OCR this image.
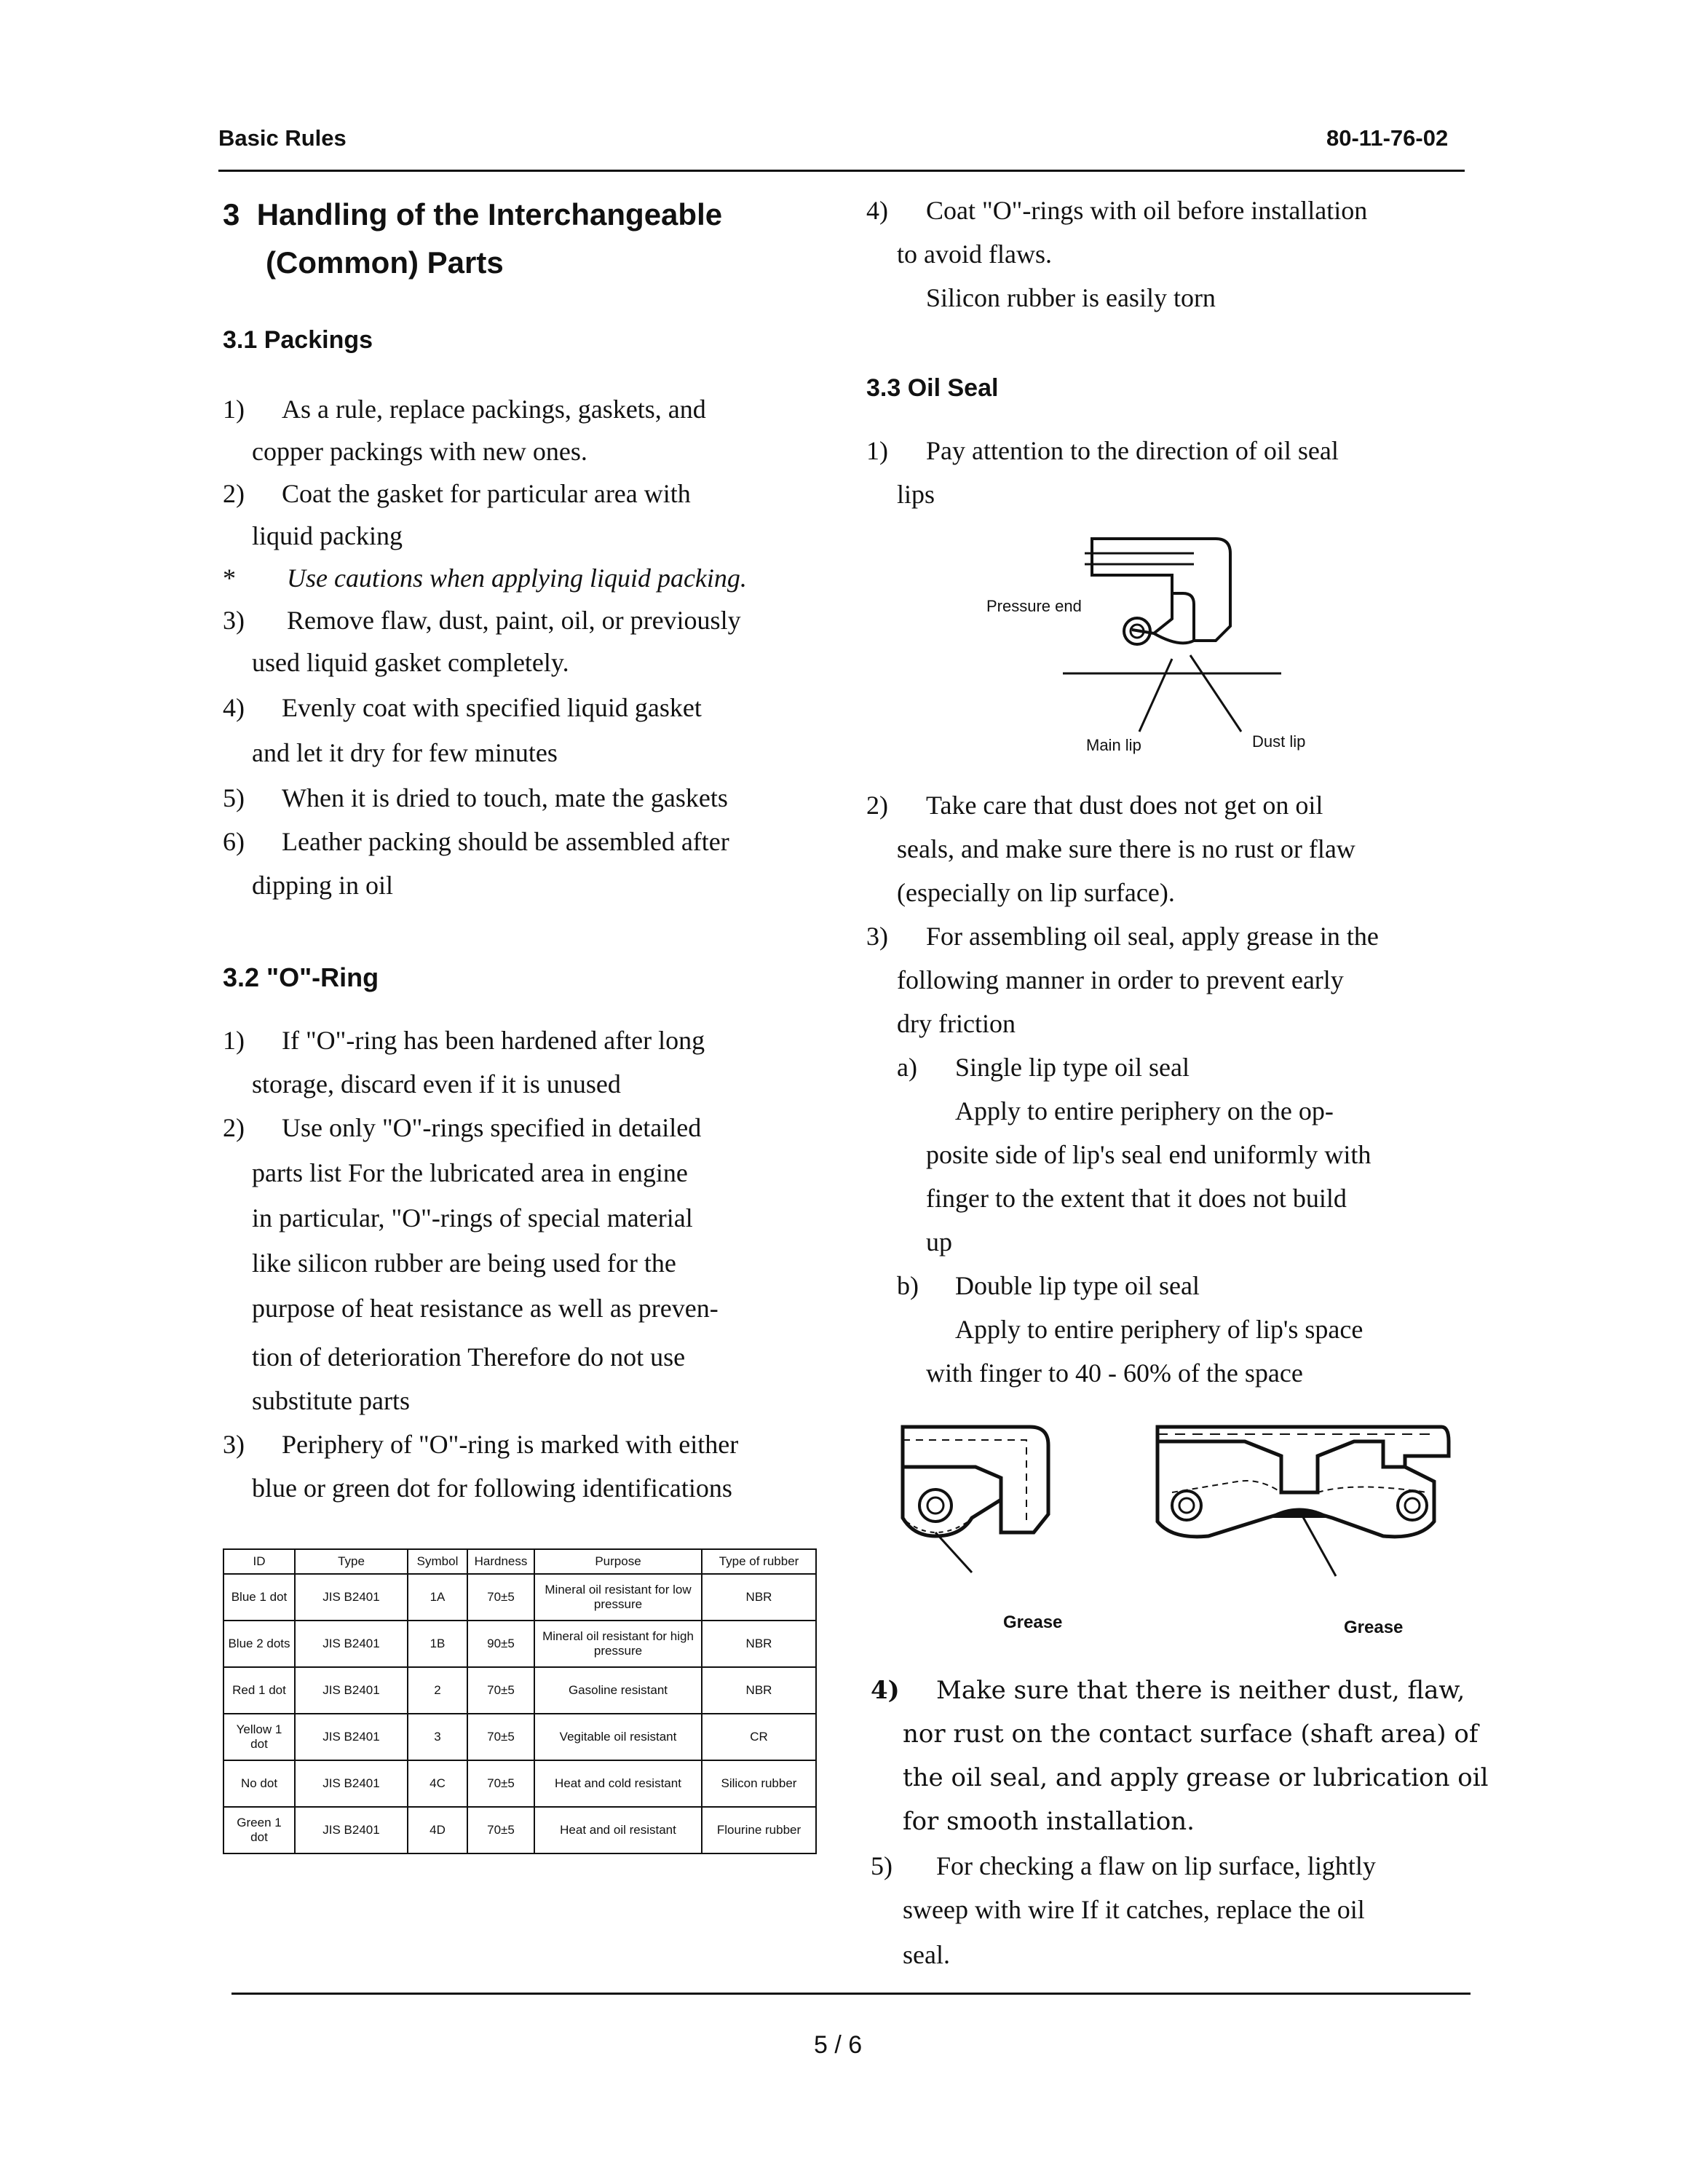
Basic Rules	80-11-76-02
3 Handling of the Interchangeable
(Common) Parts
3.1 Packings
1) As a rule, replace packings, gaskets, and
copper packings with new ones.
2) Coat the gasket for particular area with
liquid packing
* Use cautions when applying liquid packing.
3) Remove flaw, dust, paint, oil, or previously
used liquid gasket completely.
4) Evenly coat with specified liquid gasket
and let it dry for few minutes
5) When it is dried to touch, mate the gaskets
6) Leather packing should be assembled after
dipping in oil
3.2 "O"-Ring
1) If "O"-ring has been hardened after long
storage, discard even if it is unused
2) Use only "O"-rings specified in detailed
parts list For the lubricated area in engine
in particular, "O"-rings of special material
like silicon rubber are being used for the
purpose of heat resistance as well as preven-
tion of deterioration Therefore do not use
substitute parts
3) Periphery of "O"-ring is marked with either
blue or green dot for following identifications
ID	Type	Symbol	Hardness	Purpose	Type of rubber
Blue 1 dot	JIS B2401	1A	70±5	Mineral oil resistant for low pressure	NBR
Blue 2 dots	JIS B2401	1B	90±5	Mineral oil resistant for high pressure	NBR
Red 1 dot	JIS B2401	2	70±5	Gasoline resistant	NBR
Yellow 1 dot	JIS B2401	3	70±5	Vegitable oil resistant	CR
No dot	JIS B2401	4C	70±5	Heat and cold resistant	Silicon rubber
Green 1 dot	JIS B2401	4D	70±5	Heat and oil resistant	Flourine rubber
4) Coat "O"-rings with oil before installation
to avoid flaws.
Silicon rubber is easily torn
3.3 Oil Seal
1) Pay attention to the direction of oil seal
lips
Pressure end
Main lip	Dust lip
2) Take care that dust does not get on oil
seals, and make sure there is no rust or flaw
(especially on lip surface).
3) For assembling oil seal, apply grease in the
following manner in order to prevent early
dry friction
a) Single lip type oil seal
Apply to entire periphery on the op-
posite side of lip's seal end uniformly with
finger to the extent that it does not build
up
b) Double lip type oil seal
Apply to entire periphery of lip's space
with finger to 40 - 60% of the space
Grease	Grease
4) Make sure that there is neither dust, flaw,
nor rust on the contact surface (shaft area) of
the oil seal, and apply grease or lubrication oil
for smooth installation.
5) For checking a flaw on lip surface, lightly
sweep with wire If it catches, replace the oil
seal.
5 / 6
